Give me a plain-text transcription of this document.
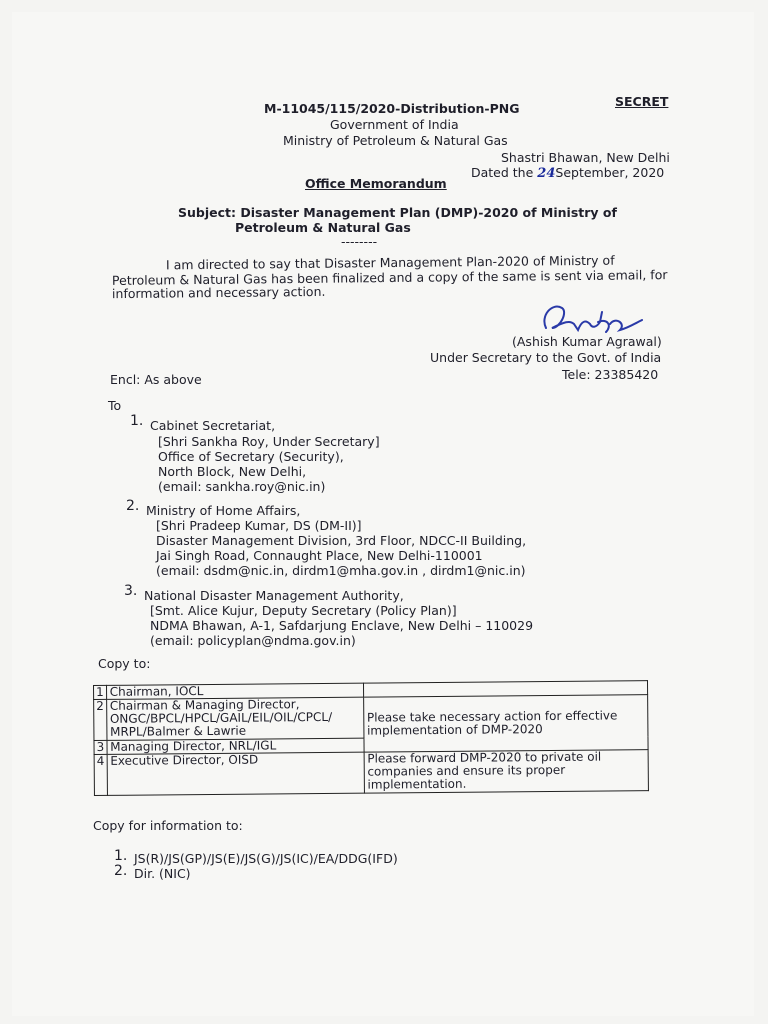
SECRET
M-11045/115/2020-Distribution-PNG
Government of India
Ministry of Petroleum & Natural Gas
Shastri Bhawan, New Delhi
Dated the 24September, 2020
Office Memorandum
Subject: Disaster Management Plan (DMP)-2020 of Ministry of
Petroleum & Natural Gas
--------
I am directed to say that Disaster Management Plan-2020 of Ministry of
Petroleum & Natural Gas has been finalized and a copy of the same is sent via email, for
information and necessary action.
(Ashish Kumar Agrawal)
Under Secretary to the Govt. of India
Tele: 23385420
Encl: As above
To
1. Cabinet Secretariat,
[Shri Sankha Roy, Under Secretary]
Office of Secretary (Security),
North Block, New Delhi,
(email: sankha.roy@nic.in)
2. Ministry of Home Affairs,
[Shri Pradeep Kumar, DS (DM-II)]
Disaster Management Division, 3rd Floor, NDCC-II Building,
Jai Singh Road, Connaught Place, New Delhi-110001
(email: dsdm@nic.in, dirdm1@mha.gov.in , dirdm1@nic.in)
3. National Disaster Management Authority,
[Smt. Alice Kujur, Deputy Secretary (Policy Plan)]
NDMA Bhawan, A-1, Safdarjung Enclave, New Delhi – 110029
(email: policyplan@ndma.gov.in)
Copy to:
1	Chairman, IOCL	
2	Chairman & Managing Director, ONGC/BPCL/HPCL/GAIL/EIL/OIL/CPCL/ MRPL/Balmer & Lawrie	Please take necessary action for effective implementation of DMP-2020
3	Managing Director, NRL/IGL	
4	Executive Director, OISD	Please forward DMP-2020 to private oil companies and ensure its proper implementation.
Copy for information to:
1. JS(R)/JS(GP)/JS(E)/JS(G)/JS(IC)/EA/DDG(IFD)
2. Dir. (NIC)
